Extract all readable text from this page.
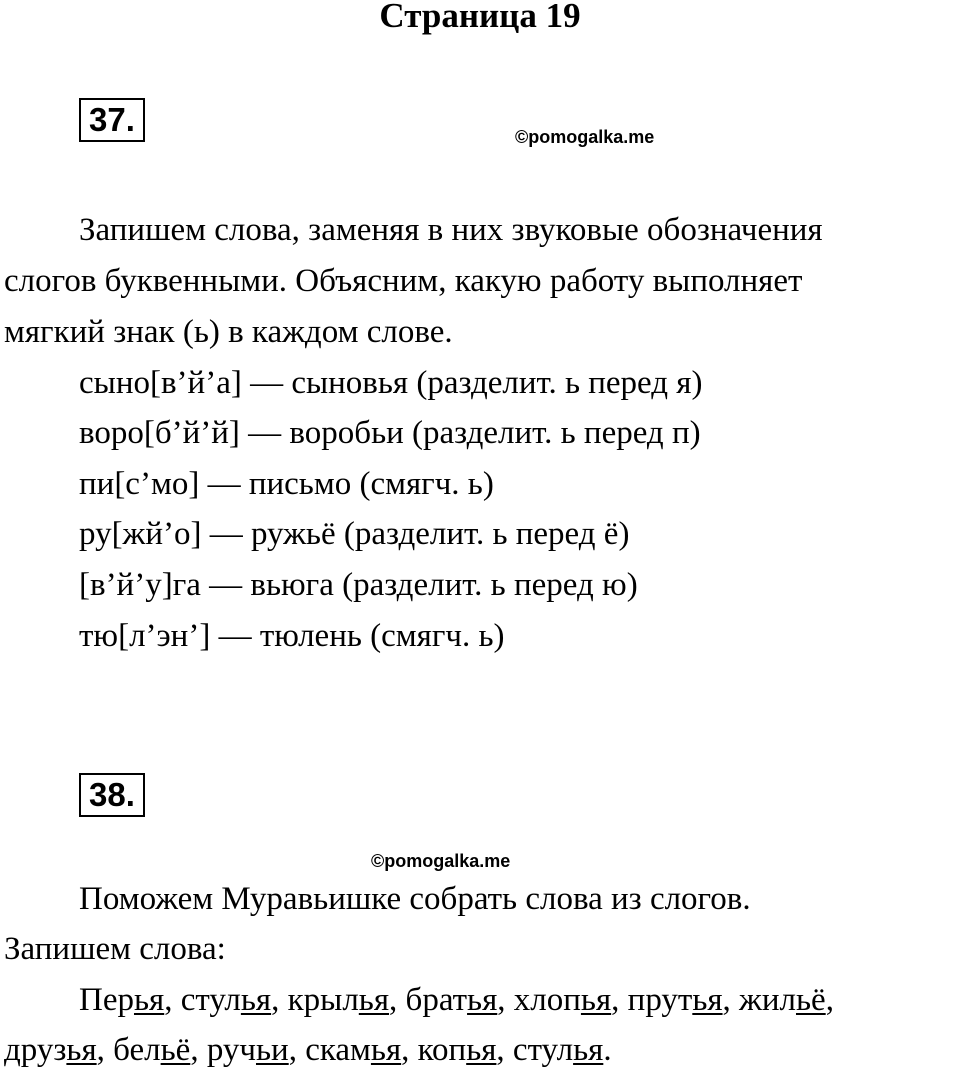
Страница 19
37.	©pomogalka.me
Запишем слова, заменяя в них звуковые обозначения
слогов буквенными. Объясним, какую работу выполняет
мягкий знак (ь) в каждом слове.
сыно[в’й’а] — сыновья (разделит. ь перед я)
воро[б’й’й] — воробьи (разделит. ь перед п)
пи[с’мо] — письмо (смягч. ь)
ру[жй’о] — ружьё (разделит. ь перед ё)
[в’й’у]га — вьюга (разделит. ь перед ю)
тю[л’эн’] — тюлень (смягч. ь)
38.
©pomogalka.me
Поможем Муравьишке собрать слова из слогов.
Запишем слова:
Перья, стулья, крылья, братья, хлопья, прутья, жильё,
друзья, бельё, ручьи, скамья, копья, стулья.
